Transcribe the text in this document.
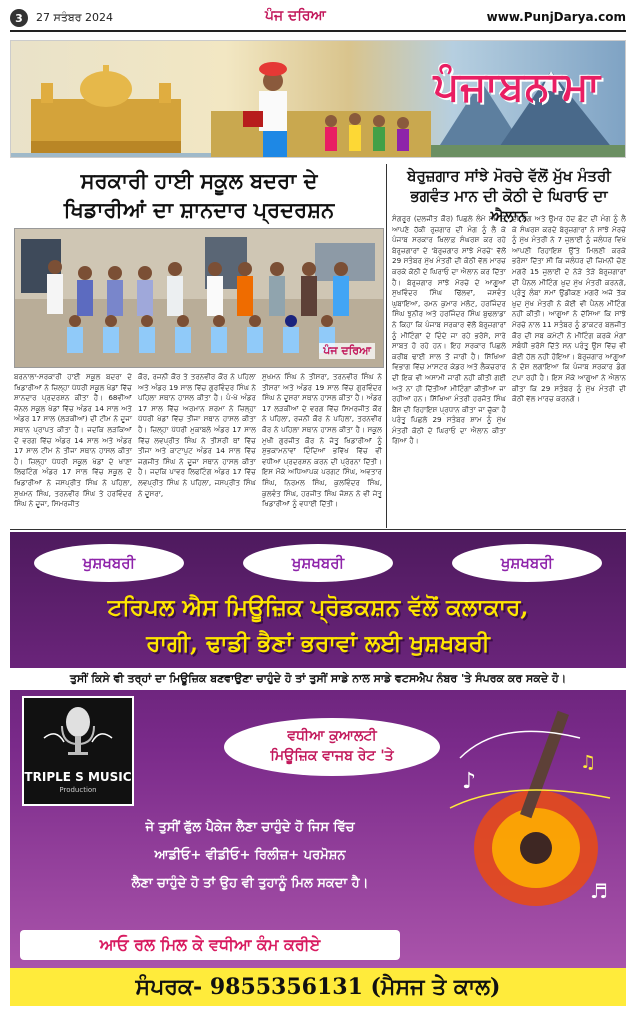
3	27 ਸਤੰਬਰ 2024	ਪੰਜ ਦਰਿਆ	www.PunjDarya.com
ਪੰਜਾਬਨਾਮਾ
ਸਰਕਾਰੀ ਹਾਈ ਸਕੂਲ ਬਦਰਾ ਦੇ
ਖਿਡਾਰੀਆਂ ਦਾ ਸ਼ਾਨਦਾਰ ਪ੍ਰਦਰਸ਼ਨ
ਪੰਜ ਦਰਿਆ
ਬਰਨਾਲਾ-ਸਰਕਾਰੀ ਹਾਈ ਸਕੂਲ ਬਦਰਾ ਦੇ ਖਿਡਾਰੀਆਂ ਨੇ ਜ਼ਿਲ੍ਹਾ ਪੱਧਰੀ ਸਕੂਲ ਖੇਡਾਂ ਵਿੱਚ ਸ਼ਾਨਦਾਰ ਪ੍ਰਦਰਸ਼ਨ ਕੀਤਾ ਹੈ। 68ਵੀਆਂ ਜ਼ੋਨਲ ਸਕੂਲ ਖੇਡਾਂ ਵਿੱਚ ਅੰਡਰ 14 ਸਾਲ ਅਤੇ ਅੰਡਰ 17 ਸਾਲ (ਲੜਕੀਆਂ) ਦੀ ਟੀਮ ਨੇ ਦੂਜਾ ਸਥਾਨ ਪ੍ਰਾਪਤ ਕੀਤਾ ਹੈ। ਜਦਕਿ ਲੜਕਿਆਂ ਦੇ ਵਰਗ ਵਿੱਚ ਅੰਡਰ 14 ਸਾਲ ਅਤੇ ਅੰਡਰ 17 ਸਾਲ ਟੀਮ ਨੇ ਤੀਜਾ ਸਥਾਨ ਹਾਸਲ ਕੀਤਾ ਹੈ। ਜ਼ਿਲ੍ਹਾ ਪੱਧਰੀ ਸਕੂਲ ਖੇਡਾਂ ਦੇ ਖਾਣਾ ਲਿਫਟਿੰਗ ਅੰਡਰ 17 ਸਾਲ ਵਿੱਚ ਸਕੂਲ ਦੇ ਖਿਡਾਰੀਆਂ ਨੇ ਜਸਪ੍ਰੀਤ ਸਿੰਘ ਨੇ ਪਹਿਲਾ, ਸੁਖਮਨ ਸਿੰਘ, ਤਰਨਵੀਰ ਸਿੰਘ ਤੇ ਹਰਵਿੰਦਰ ਸਿੰਘ ਨੇ ਦੂਜਾ, ਸਿਮਰਜੀਤ
ਕੌਰ, ਰਜਨੀ ਕੌਰ ਤੇ ਤਰਨਵੀਰ ਕੌਰ ਨੇ ਪਹਿਲਾ ਅਤੇ ਅੰਡਰ 19 ਸਾਲ ਵਿੱਚ ਗੁਰਵਿੰਦਰ ਸਿੰਘ ਨੇ ਪਹਿਲਾ ਸਥਾਨ ਹਾਸਲ ਕੀਤਾ ਹੈ। ਪੰ-ਖੇ ਅੰਡਰ 17 ਸਾਲ ਵਿੱਚ ਅਰਮਾਨ ਸ਼ਰਮਾ ਨੇ ਜ਼ਿਲ੍ਹਾ ਪੱਧਰੀ ਖੇਡਾਂ ਵਿੱਚ ਤੀਜਾ ਸਥਾਨ ਹਾਸਲ ਕੀਤਾ ਹੈ। ਜ਼ਿਲ੍ਹਾ ਪੱਧਰੀ ਮੁਕਾਬਲੇ ਅੰਡਰ 17 ਸਾਲ ਵਿੱਚ ਲਵਪ੍ਰੀਤ ਸਿੰਘ ਨੇ ਤੀਸਰੀ ਥਾਂ ਵਿੱਚ ਤੀਜਾ ਅਤੇ ਕਾਟਾਪੁਟ ਅੰਡਰ 14 ਸਾਲ ਵਿੱਚ ਜਗਜੀਤ ਸਿੰਘ ਨੇ ਦੂਜਾ ਸਥਾਨ ਹਾਸਲ ਕੀਤਾ ਹੈ। ਜਦਕਿ ਪਾਵਰ ਲਿਫਟਿੰਗ ਅੰਡਰ 17 ਵਿੱਚ ਲਵਪ੍ਰੀਤ ਸਿੰਘ ਨੇ ਪਹਿਲਾ, ਜਸਪ੍ਰੀਤ ਸਿੰਘ ਨੇ ਦੂਸਰਾ,
ਸੁਖਮਨ ਸਿੰਘ ਨੇ ਤੀਸਰਾ, ਤਰਨਵੀਰ ਸਿੰਘ ਨੇ ਤੀਸਰਾ ਅਤੇ ਅੰਡਰ 19 ਸਾਲ ਵਿੱਚ ਗੁਰਵਿੰਦਰ ਸਿੰਘ ਨੇ ਦੂਸਰਾ ਸਥਾਨ ਹਾਸਲ ਕੀਤਾ ਹੈ। ਅੰਡਰ 17 ਲੜਕੀਆਂ ਦੇ ਵਰਗ ਵਿੱਚ ਸਿਮਰਜੀਤ ਕੌਰ ਨੇ ਪਹਿਲਾ, ਰਜਨੀ ਕੌਰ ਨੇ ਪਹਿਲਾ, ਤਰਨਵੀਰ ਕੌਰ ਨੇ ਪਹਿਲਾ ਸਥਾਨ ਹਾਸਲ ਕੀਤਾ ਹੈ। ਸਕੂਲ ਮੁਖੀ ਗੁਰਜੀਤ ਕੌਰ ਨੇ ਜੇਤੂ ਖਿਡਾਰੀਆਂ ਨੂੰ ਸ਼ੁਭਕਾਮਨਾਵਾਂ ਦਿੰਦਿਆਂ ਭਵਿੱਖ ਵਿੱਚ ਵੀ ਵਧੀਆ ਪ੍ਰਦਰਸ਼ਨ ਕਰਨ ਦੀ ਪ੍ਰੇਰਨਾ ਦਿੱਤੀ। ਇਸ ਮੌਕੇ ਅਧਿਆਪਕ ਪਰਗਟ ਸਿੰਘ, ਅਵਤਾਰ ਸਿੰਘ, ਨਿਰਮਲ ਸਿੰਘ, ਕੁਲਵਿੰਦਰ ਸਿੰਘ, ਕੁਲਵੰਤ ਸਿੰਘ, ਹਰਜੀਤ ਸਿੰਘ ਜੋਸ਼ਨ ਨੇ ਵੀ ਜੇਤੂ ਖਿਡਾਰੀਆਂ ਨੂੰ ਵਧਾਈ ਦਿੱਤੀ।
ਬੇਰੁਜ਼ਗਾਰ ਸਾਂਝੇ ਮੋਰਚੇ ਵੱਲੋਂ ਮੁੱਖ ਮੰਤਰੀ
ਭਗਵੰਤ ਮਾਨ ਦੀ ਕੋਠੀ ਦੇ ਘਿਰਾਓ ਦਾ ਐਲਾਨ
ਸੰਗਰੂਰ (ਦਲਜੀਤ ਕੌਰ) ਪਿਛਲੇ ਲੰਮੇ ਸਮੇਂ ਤੋਂ ਆਪਣੇ ਹੱਕੀ ਰੁਜ਼ਗਾਰ ਦੀ ਮੰਗ ਨੂੰ ਲੈ ਕੇ ਪੰਜਾਬ ਸਰਕਾਰ ਖ਼ਿਲਾਫ਼ ਸੰਘਰਸ਼ ਕਰ ਰਹੇ ਬੇਰੁਜ਼ਗਾਰਾਂ ਦੇ 'ਬੇਰੁਜ਼ਗਾਰ ਸਾਂਝੇ ਮੋਰਚੇ' ਵੱਲੋਂ 29 ਸਤੰਬਰ ਮੁੱਖ ਮੰਤਰੀ ਦੀ ਕੋਠੀ ਵੱਲ ਮਾਰਚ ਕਰਕੇ ਕੋਠੀ ਦੇ ਘਿਰਾਓ ਦਾ ਐਲਾਨ ਕਰ ਦਿੱਤਾ ਹੈ। ਬੇਰੁਜ਼ਗਾਰ ਸਾਂਝੇ ਮੋਰਚੇ ਦੇ ਆਗੂਆਂ ਸੁਖਵਿੰਦਰ ਸਿੰਘ ਢਿੱਲਵਾਂ, ਜਸਵੰਤ ਘੁਬਾਇਆ, ਰਮਨ ਕੁਮਾਰ ਮਲੋਟ, ਹਰਜਿੰਦਰ ਸਿੰਘ ਝੁਨੀਰ ਅਤੇ ਹਰਜਿੰਦਰ ਸਿੰਘ ਬੁਢਲਾਡਾ ਨੇ ਕਿਹਾ ਕਿ ਪੰਜਾਬ ਸਰਕਾਰ ਵੱਲੋਂ ਬੇਰੁਜ਼ਗਾਰਾਂ ਨੂੰ ਮੀਟਿੰਗਾਂ ਦੇ ਦਿੰਦੇ ਜਾ ਰਹੇ ਭਰੋਸੇ, ਸਾਰੇ ਸਾਬਤ ਹੋ ਰਹੇ ਹਨ। ਇਹ ਸਰਕਾਰ ਪਿਛਲੇ ਕਰੀਬ ਢਾਈ ਸਾਲ ਤੋਂ ਜਾਰੀ ਹੈ। ਸਿੱਖਿਆ ਵਿਭਾਗ ਵਿੱਚ ਮਾਸਟਰ ਕੇਡਰ ਅਤੇ ਲੈਕਚਰਾਰ ਦੀ ਇਕ ਵੀ ਅਸਾਮੀ ਜਾਰੀ ਨਹੀਂ ਕੀਤੀ ਗਈ ਅਤੇ ਨਾ ਹੀ ਦਿੱਤੀਆਂ ਮੀਟਿੰਗਾਂ ਕੀਤੀਆਂ ਜਾ ਰਹੀਆਂ ਹਨ। ਸਿੱਖਿਆ ਮੰਤਰੀ ਹਰਜੋਤ ਸਿੰਘ ਬੈਂਸ ਦੀ ਰਿਹਾਇਸ਼ ਪ੍ਰਧਾਨ ਕੀਤਾ ਜਾ ਚੁੱਕਾ ਹੈ ਪਰੰਤੂ ਪਿਛਲੇ 29 ਸਤੰਬਰ ਸ਼ਾਮ ਨੂੰ ਮੁੱਖ ਮੰਤਰੀ ਕੋਠੀ ਦੇ ਘਿਰਾਓ ਦਾ ਐਲਾਨ ਕੀਤਾ ਗਿਆ ਹੈ।
ਦੀ ਮੰਗ ਅਤੇ ਉਮਰ ਹੱਦ ਛੋਟ ਦੀ ਮੰਗ ਨੂੰ ਲੈ ਕੇ ਸੰਘਰਸ਼ ਕਰਦੇ ਬੇਰੁਜ਼ਗਾਰਾਂ ਨੇ ਸਾਂਝੇ ਮੋਰਚੇ ਨੂੰ ਮੁੱਖ ਮੰਤਰੀ ਨੇ 7 ਜੁਲਾਈ ਨੂੰ ਜਲੰਧਰ ਵਿਖੇ ਆਪਣੀ ਰਿਹਾਇਸ਼ ਉੱਤੇ ਮਿਲਣੀ ਕਰਕੇ ਭਰੋਸਾ ਦਿੱਤਾ ਸੀ ਕਿ ਜਲੰਧਰ ਦੀ ਜ਼ਿਮਨੀ ਚੋਣ ਮਗਰੋਂ 15 ਜੁਲਾਈ ਦੇ ਨੇੜੇ ਤੇੜੇ ਬੇਰੁਜ਼ਗਾਰਾਂ ਦੀ ਪੈਨਲ ਮੀਟਿੰਗ ਖ਼ੁਦ ਮੁੱਖ ਮੰਤਰੀ ਕਰਨਗੇ, ਪ੍ਰੰਤੂ ਲੰਬਾ ਸਮਾਂ ਉਡੀਕਣ ਮਗਰੋਂ ਅਜੇ ਤੱਕ ਖ਼ੁਦ ਮੁੱਖ ਮੰਤਰੀ ਨੇ ਕੋਈ ਵੀ ਪੈਨਲ ਮੀਟਿੰਗ ਨਹੀਂ ਕੀਤੀ। ਆਗੂਆਂ ਨੇ ਦੱਸਿਆ ਕਿ ਸਾਂਝੇ ਮੋਰਚੇ ਨਾਲ 11 ਸਤੰਬਰ ਨੂੰ ਡਾਕਟਰ ਬਲਜੀਤ ਕੌਰ ਦੀ ਸਬ ਕਮੇਟੀ ਨੇ ਮੀਟਿੰਗ ਕਰਕੇ ਮੰਗਾਂ ਸਬੰਧੀ ਭਰੋਸੇ ਦਿੱਤੇ ਸਨ ਪਰੰਤੂ ਉਸ ਵਿੱਚ ਵੀ ਕੋਈ ਹੱਲ ਨਹੀਂ ਹੋਇਆ। ਬੇਰੁਜ਼ਗਾਰ ਆਗੂਆਂ ਨੇ ਦੋਸ਼ ਲਗਾਇਆ ਕਿ ਪੰਜਾਬ ਸਰਕਾਰ ਡੰਗ ਟਪਾ ਰਹੀ ਹੈ। ਇਸ ਮੌਕੇ ਆਗੂਆਂ ਨੇ ਐਲਾਨ ਕੀਤਾ ਕਿ 29 ਸਤੰਬਰ ਨੂੰ ਮੁੱਖ ਮੰਤਰੀ ਦੀ ਕੋਠੀ ਵੱਲ ਮਾਰਚ ਕਰਨਗੇ।
ਖੁਸ਼ਖਬਰੀ	ਖੁਸ਼ਖਬਰੀ	ਖੁਸ਼ਖਬਰੀ
ਟਰਿਪਲ ਐਸ ਮਿਊਜ਼ਿਕ ਪ੍ਰੋਡਕਸ਼ਨ ਵੱਲੋਂ ਕਲਾਕਾਰ,
ਰਾਗੀ, ਢਾਡੀ ਭੈਣਾਂ ਭਰਾਵਾਂ ਲਈ ਖੁਸ਼ਖਬਰੀ
ਤੁਸੀਂ ਕਿਸੇ ਵੀ ਤਰ੍ਹਾਂ ਦਾ ਮਿਊਜ਼ਿਕ ਬਣਵਾਉਣਾ ਚਾਹੁੰਦੇ ਹੋ ਤਾਂ ਤੁਸੀਂ ਸਾਡੇ ਨਾਲ ਸਾਡੇ ਵਟਸਐਪ ਨੰਬਰ 'ਤੇ ਸੰਪਰਕ ਕਰ ਸਕਦੇ ਹੋ।
TRIPLE S MUSIC
Production
ਵਧੀਆ ਕੁਆਲਟੀ
ਮਿਊਜ਼ਿਕ ਵਾਜਬ ਰੇਟ 'ਤੇ
♪
♫
♬
ਜੇ ਤੁਸੀਂ ਫੁੱਲ ਪੈਕੇਜ ਲੈਣਾ ਚਾਹੁੰਦੇ ਹੋ ਜਿਸ ਵਿੱਚ
ਆਡੀਓ+ ਵੀਡੀਓ+ ਰਿਲੀਜ਼+ ਪਰਮੋਸ਼ਨ
ਲੈਣਾ ਚਾਹੁੰਦੇ ਹੋ ਤਾਂ ਉਹ ਵੀ ਤੁਹਾਨੂੰ ਮਿਲ ਸਕਦਾ ਹੈ।
ਆਓ ਰਲ ਮਿਲ ਕੇ ਵਧੀਆ ਕੰਮ ਕਰੀਏ
ਸੰਪਰਕ- 9855356131 (ਮੈਸਜ ਤੇ ਕਾਲ)
